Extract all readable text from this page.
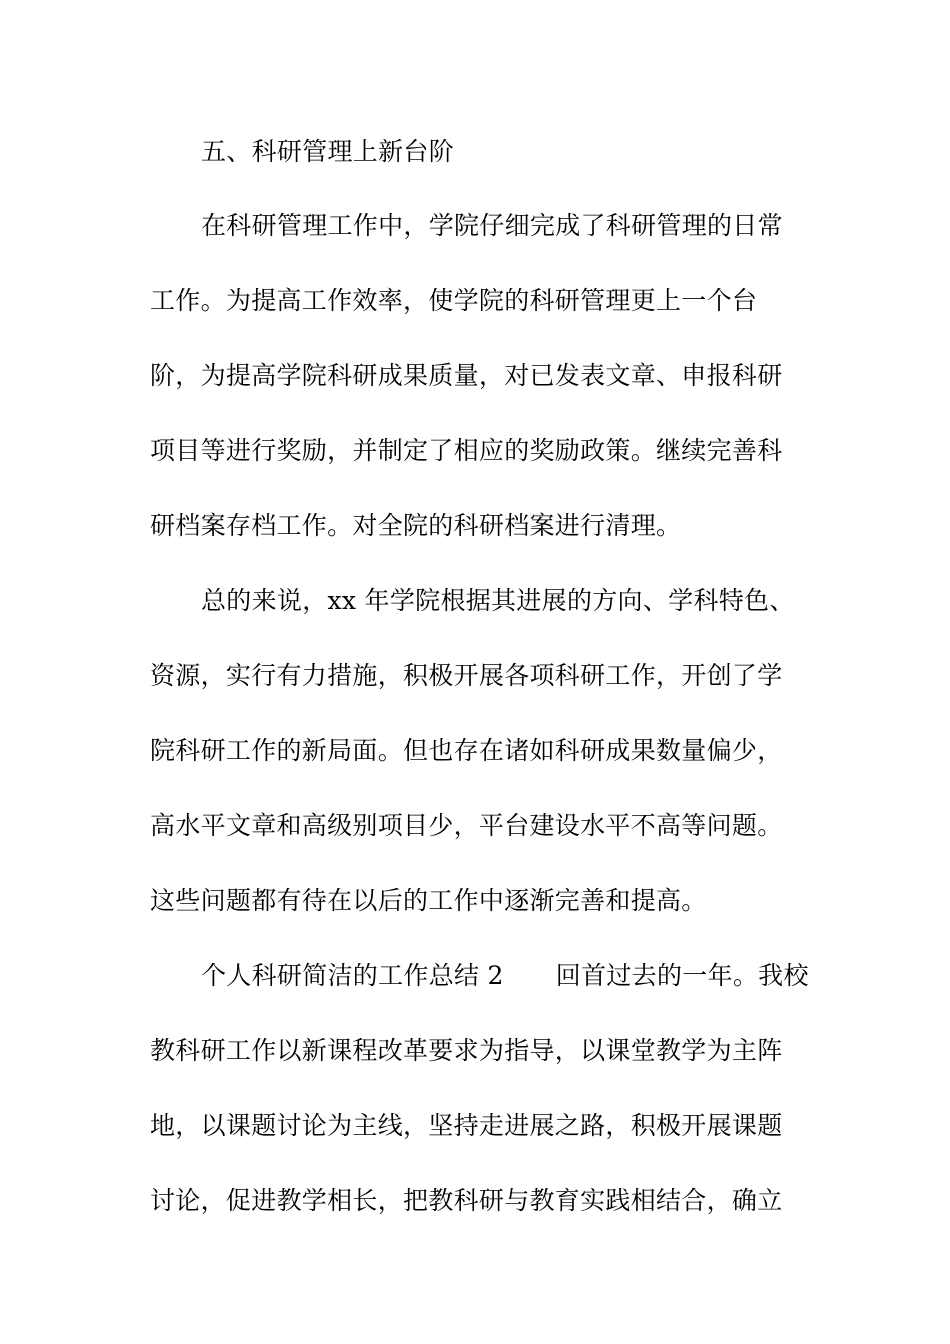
五、科研管理上新台阶
在科研管理工作中，学院仔细完成了科研管理的日常
工作。为提高工作效率，使学院的科研管理更上一个台
阶，为提高学院科研成果质量，对已发表文章、申报科研
项目等进行奖励，并制定了相应的奖励政策。继续完善科
研档案存档工作。对全院的科研档案进行清理。
总的来说，xx 年学院根据其进展的方向、学科特色、
资源，实行有力措施，积极开展各项科研工作，开创了学
院科研工作的新局面。但也存在诸如科研成果数量偏少，
高水平文章和高级别项目少，平台建设水平不高等问题。
这些问题都有待在以后的工作中逐渐完善和提高。
个人科研简洁的工作总结 2 回首过去的一年。我校
教科研工作以新课程改革要求为指导，以课堂教学为主阵
地，以课题讨论为主线，坚持走进展之路，积极开展课题
讨论，促进教学相长，把教科研与教育实践相结合，确立
